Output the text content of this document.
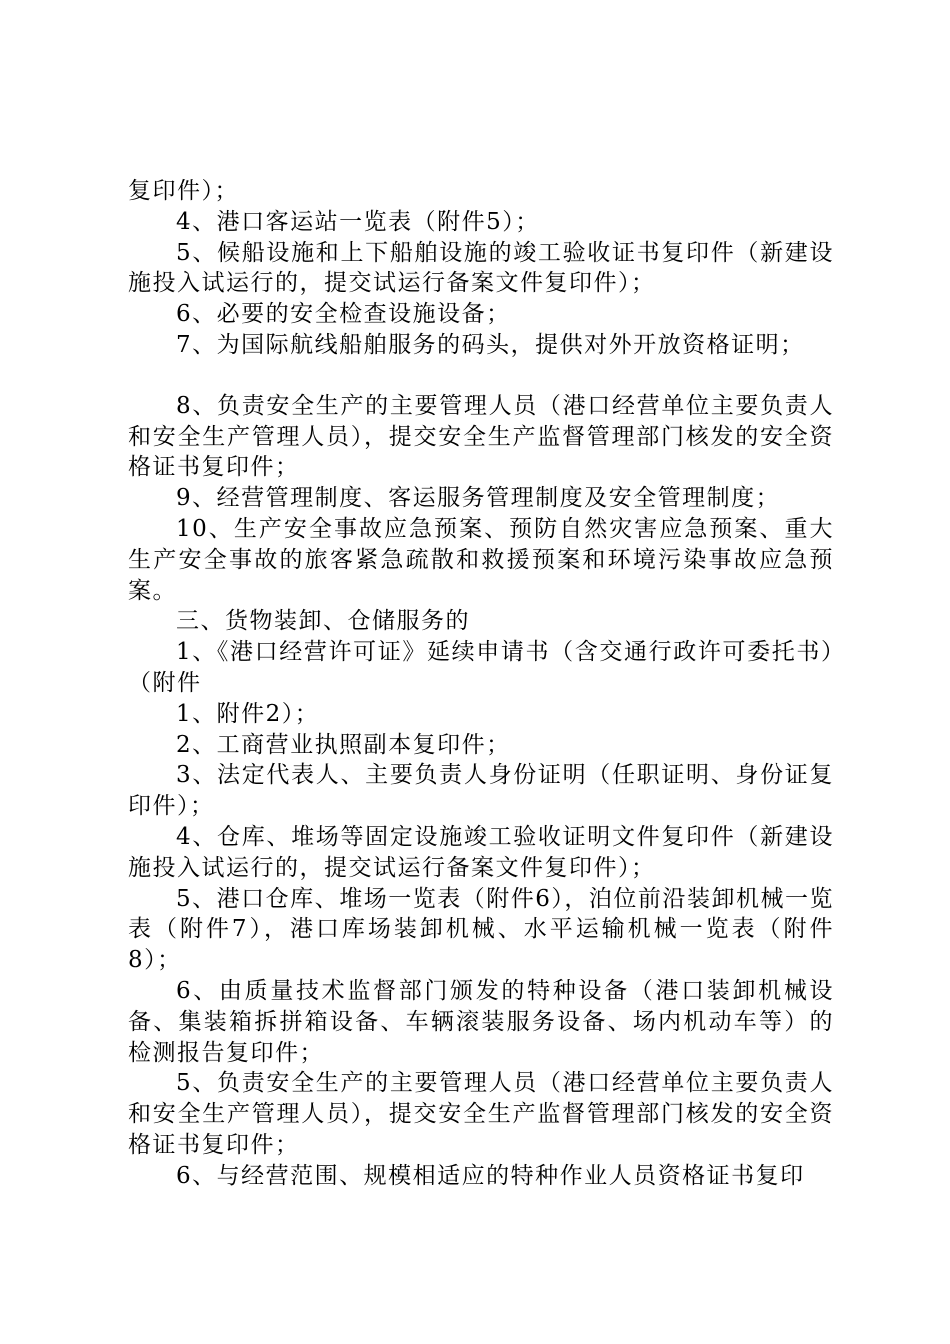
复印件）；

4、港口客运站一览表（附件5）；

5、候船设施和上下船舶设施的竣工验收证书复印件（新建设施投入试运行的，提交试运行备案文件复印件）；

6、必要的安全检查设施设备；

7、为国际航线船舶服务的码头，提供对外开放资格证明；

8、负责安全生产的主要管理人员（港口经营单位主要负责人和安全生产管理人员），提交安全生产监督管理部门核发的安全资格证书复印件；

9、经营管理制度、客运服务管理制度及安全管理制度；

10、生产安全事故应急预案、预防自然灾害应急预案、重大生产安全事故的旅客紧急疏散和救援预案和环境污染事故应急预案。

三、货物装卸、仓储服务的

1、《港口经营许可证》延续申请书（含交通行政许可委托书）（附件

1、附件2）；

2、工商营业执照副本复印件；

3、法定代表人、主要负责人身份证明（任职证明、身份证复印件）；

4、仓库、堆场等固定设施竣工验收证明文件复印件（新建设施投入试运行的，提交试运行备案文件复印件）；

5、港口仓库、堆场一览表（附件6），泊位前沿装卸机械一览表（附件7），港口库场装卸机械、水平运输机械一览表（附件8）；

6、由质量技术监督部门颁发的特种设备（港口装卸机械设备、集装箱拆拼箱设备、车辆滚装服务设备、场内机动车等）的检测报告复印件；

5、负责安全生产的主要管理人员（港口经营单位主要负责人和安全生产管理人员），提交安全生产监督管理部门核发的安全资格证书复印件；

6、与经营范围、规模相适应的特种作业人员资格证书复印
